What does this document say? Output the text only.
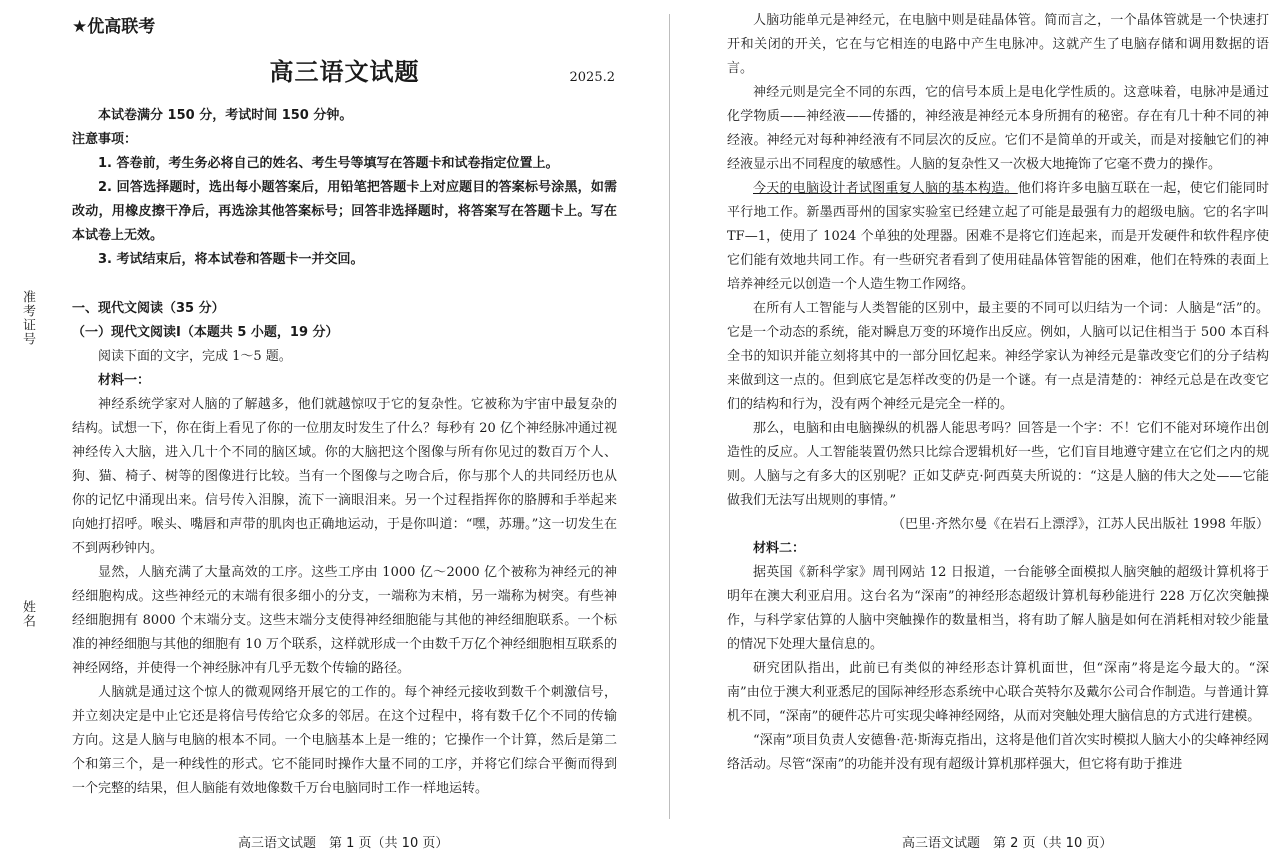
准考证号
姓名
★优高联考
高三语文试题	2025.2

本试卷满分 150 分，考试时间 150 分钟。

注意事项：

1. 答卷前，考生务必将自己的姓名、考生号等填写在答题卡和试卷指定位置上。

2. 回答选择题时，选出每小题答案后，用铅笔把答题卡上对应题目的答案标号涂黑，如需改动，用橡皮擦干净后，再选涂其他答案标号；回答非选择题时，将答案写在答题卡上。写在本试卷上无效。

3. 考试结束后，将本试卷和答题卡一并交回。

一、现代文阅读（35 分）

（一）现代文阅读Ⅰ（本题共 5 小题，19 分）

阅读下面的文字，完成 1～5 题。

材料一：

神经系统学家对人脑的了解越多，他们就越惊叹于它的复杂性。它被称为宇宙中最复杂的结构。试想一下，你在街上看见了你的一位朋友时发生了什么？每秒有 20 亿个神经脉冲通过视神经传入大脑，进入几十个不同的脑区域。你的大脑把这个图像与所有你见过的数百万个人、狗、猫、椅子、树等的图像进行比较。当有一个图像与之吻合后，你与那个人的共同经历也从你的记忆中涌现出来。信号传入泪腺，流下一滴眼泪来。另一个过程指挥你的胳膊和手举起来向她打招呼。喉头、嘴唇和声带的肌肉也正确地运动，于是你叫道：“嘿，苏珊。”这一切发生在不到两秒钟内。

显然，人脑充满了大量高效的工序。这些工序由 1000 亿～2000 亿个被称为神经元的神经细胞构成。这些神经元的末端有很多细小的分支，一端称为末梢，另一端称为树突。有些神经细胞拥有 8000 个末端分支。这些末端分支使得神经细胞能与其他的神经细胞联系。一个标准的神经细胞与其他的细胞有 10 万个联系，这样就形成一个由数千万亿个神经细胞相互联系的神经网络，并使得一个神经脉冲有几乎无数个传输的路径。

人脑就是通过这个惊人的微观网络开展它的工作的。每个神经元接收到数千个刺激信号，并立刻决定是中止它还是将信号传给它众多的邻居。在这个过程中，将有数千亿个不同的传输方向。这是人脑与电脑的根本不同。一个电脑基本上是一维的；它操作一个计算，然后是第二个和第三个，是一种线性的形式。它不能同时操作大量不同的工序，并将它们综合平衡而得到一个完整的结果，但人脑能有效地像数千万台电脑同时工作一样地运转。

人脑功能单元是神经元，在电脑中则是硅晶体管。简而言之，一个晶体管就是一个快速打开和关闭的开关，它在与它相连的电路中产生电脉冲。这就产生了电脑存储和调用数据的语言。

神经元则是完全不同的东西，它的信号本质上是电化学性质的。这意味着，电脉冲是通过化学物质——神经液——传播的，神经液是神经元本身所拥有的秘密。存在有几十种不同的神经液。神经元对每种神经液有不同层次的反应。它们不是简单的开或关，而是对接触它们的神经液显示出不同程度的敏感性。人脑的复杂性又一次极大地掩饰了它毫不费力的操作。

今天的电脑设计者试图重复人脑的基本构造。他们将许多电脑互联在一起，使它们能同时平行地工作。新墨西哥州的国家实验室已经建立起了可能是最强有力的超级电脑。它的名字叫 TF—1，使用了 1024 个单独的处理器。困难不是将它们连起来，而是开发硬件和软件程序使它们能有效地共同工作。有一些研究者看到了使用硅晶体管智能的困难，他们在特殊的表面上培养神经元以创造一个人造生物工作网络。

在所有人工智能与人类智能的区别中，最主要的不同可以归结为一个词：人脑是“活”的。它是一个动态的系统，能对瞬息万变的环境作出反应。例如，人脑可以记住相当于 500 本百科全书的知识并能立刻将其中的一部分回忆起来。神经学家认为神经元是靠改变它们的分子结构来做到这一点的。但到底它是怎样改变的仍是一个谜。有一点是清楚的：神经元总是在改变它们的结构和行为，没有两个神经元是完全一样的。

那么，电脑和由电脑操纵的机器人能思考吗？回答是一个字：不！它们不能对环境作出创造性的反应。人工智能装置仍然只比综合逻辑机好一些，它们盲目地遵守建立在它们之内的规则。人脑与之有多大的区别呢？正如艾萨克·阿西莫夫所说的：“这是人脑的伟大之处——它能做我们无法写出规则的事情。”

（巴里·齐然尔曼《在岩石上漂浮》，江苏人民出版社 1998 年版）

材料二：

据英国《新科学家》周刊网站 12 日报道，一台能够全面模拟人脑突触的超级计算机将于明年在澳大利亚启用。这台名为“深南”的神经形态超级计算机每秒能进行 228 万亿次突触操作，与科学家估算的人脑中突触操作的数量相当，将有助了解人脑是如何在消耗相对较少能量的情况下处理大量信息的。

研究团队指出，此前已有类似的神经形态计算机面世，但“深南”将是迄今最大的。“深南”由位于澳大利亚悉尼的国际神经形态系统中心联合英特尔及戴尔公司合作制造。与普通计算机不同，“深南”的硬件芯片可实现尖峰神经网络，从而对突触处理大脑信息的方式进行建模。

“深南”项目负责人安德鲁·范·斯海克指出，这将是他们首次实时模拟人脑大小的尖峰神经网络活动。尽管“深南”的功能并没有现有超级计算机那样强大，但它将有助于推进

高三语文试题　第 1 页（共 10 页）	高三语文试题　第 2 页（共 10 页）
